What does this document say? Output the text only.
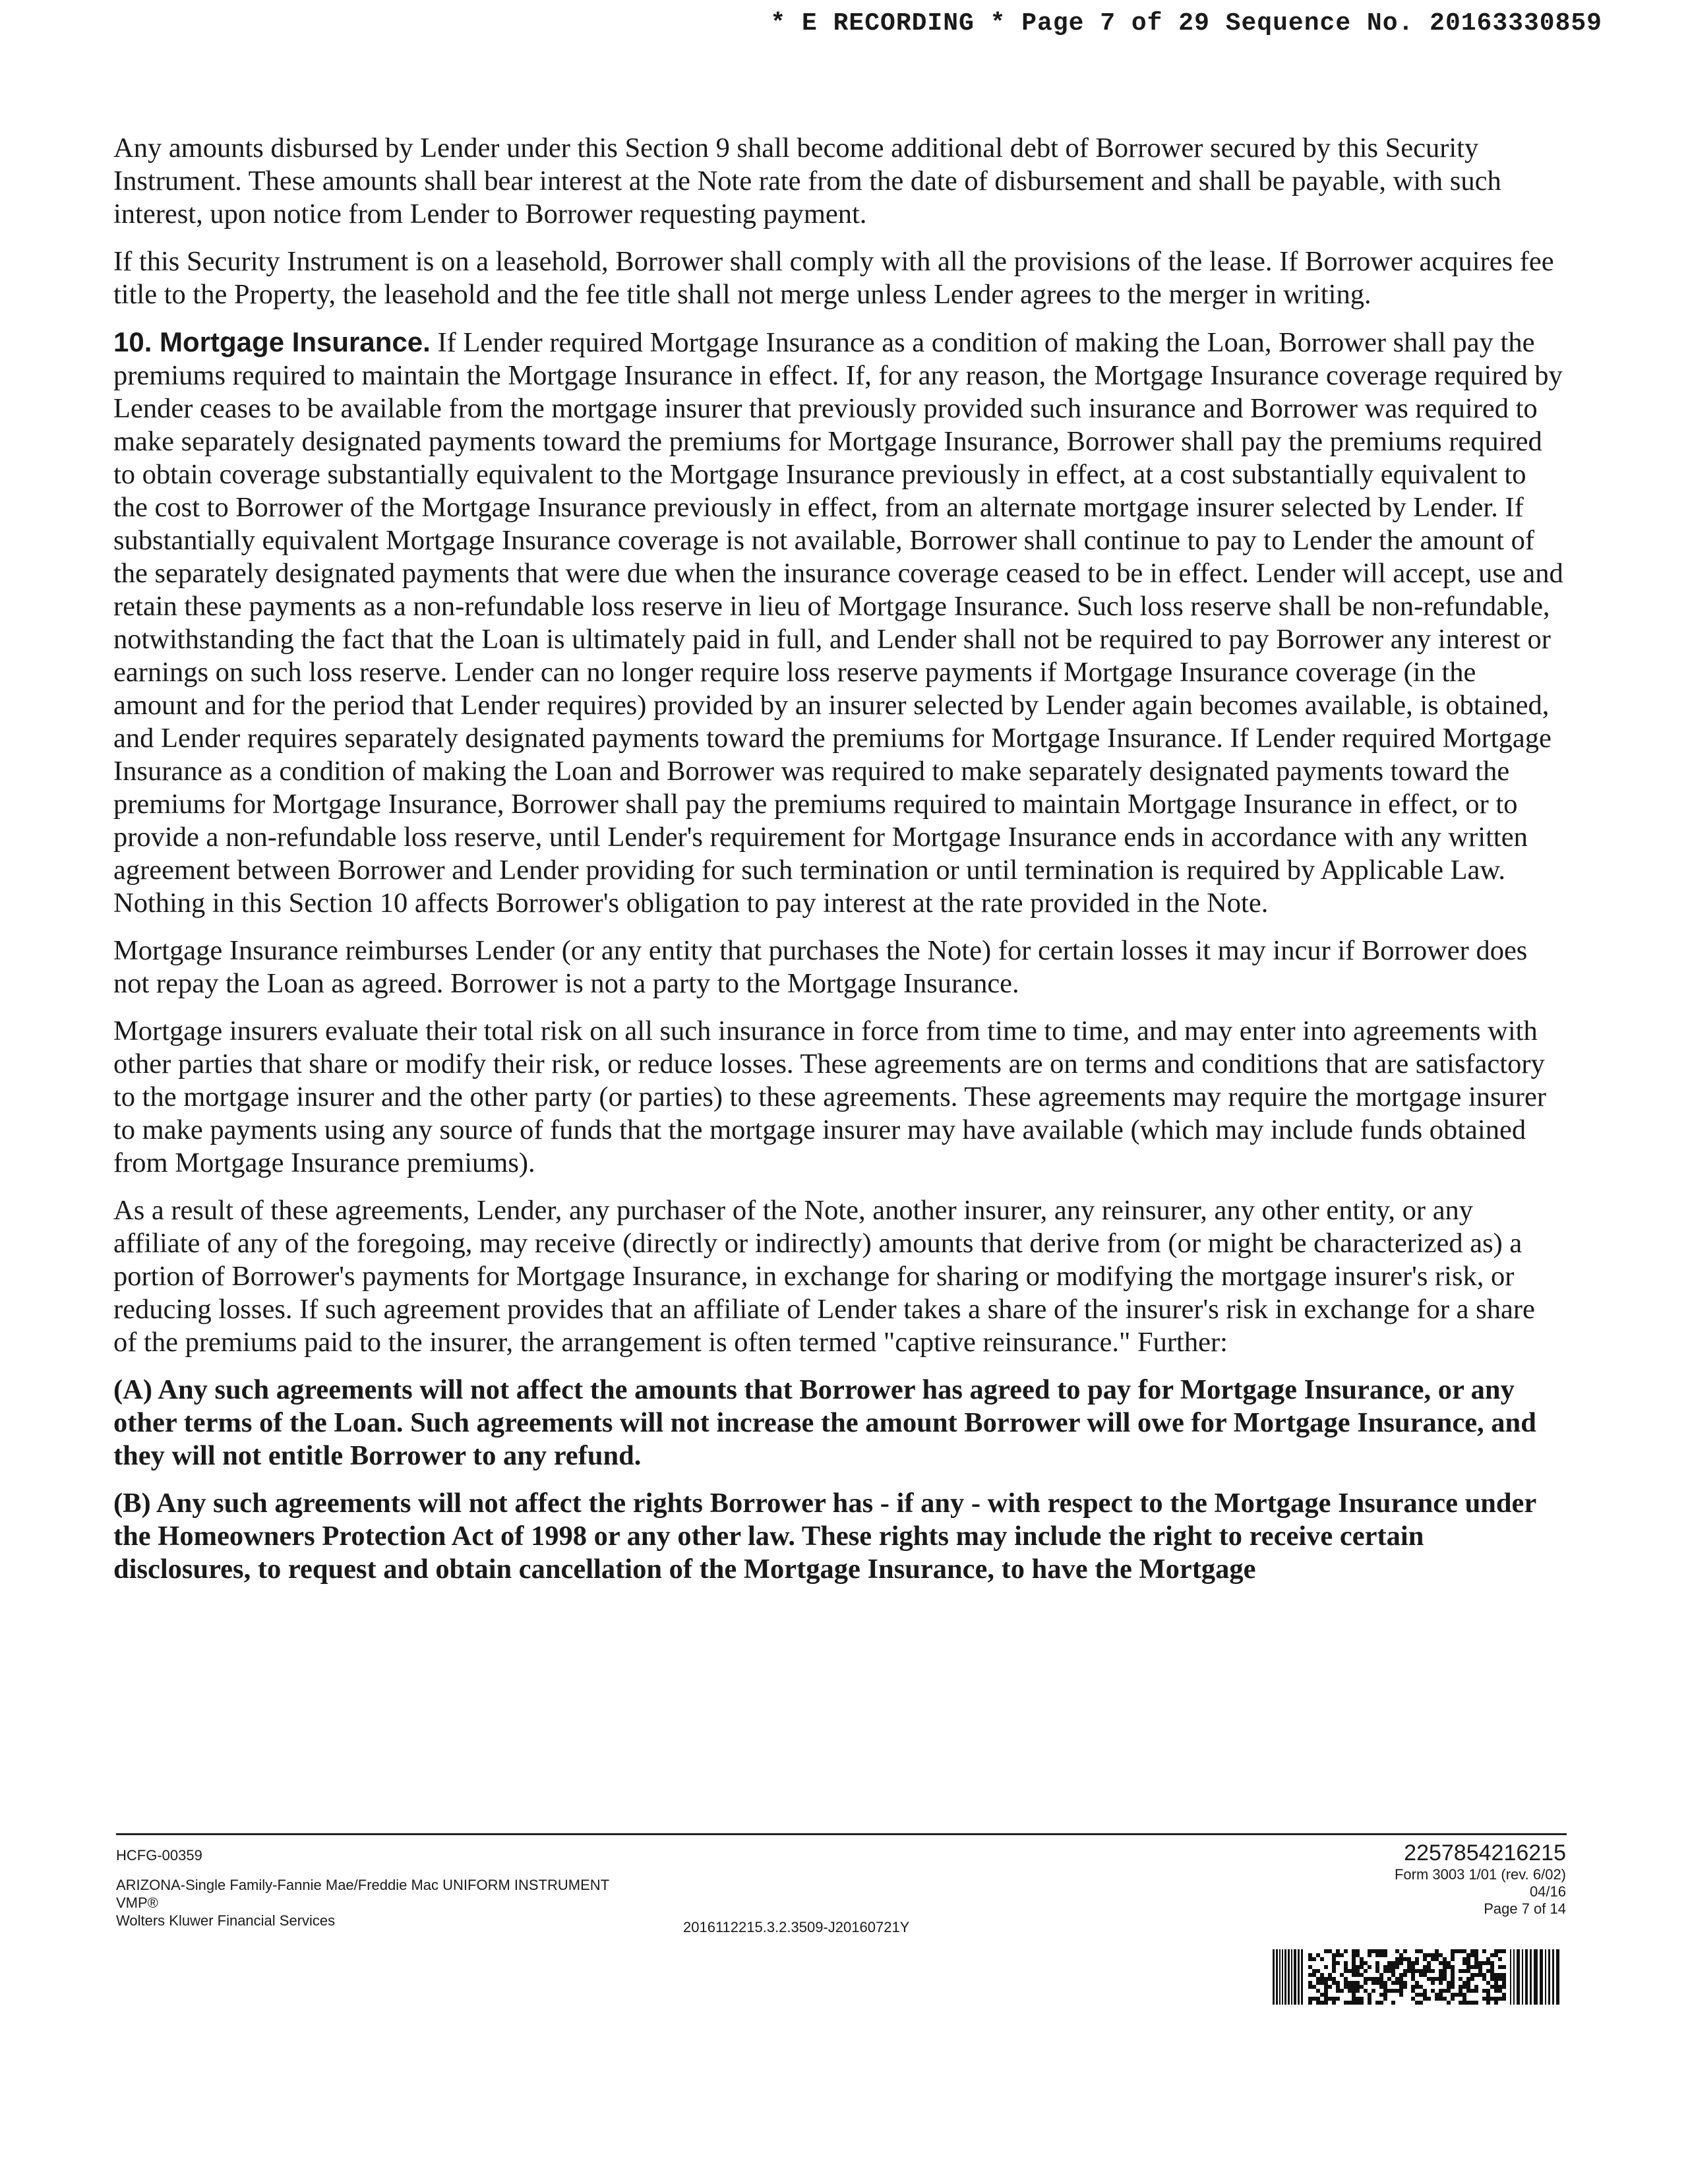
* E RECORDING * Page 7 of 29 Sequence No. 20163330859

Any amounts disbursed by Lender under this Section 9 shall become additional debt of Borrower secured by this Security Instrument. These amounts shall bear interest at the Note rate from the date of disbursement and shall be payable, with such interest, upon notice from Lender to Borrower requesting payment.

If this Security Instrument is on a leasehold, Borrower shall comply with all the provisions of the lease. If Borrower acquires fee title to the Property, the leasehold and the fee title shall not merge unless Lender agrees to the merger in writing.

10. Mortgage Insurance. If Lender required Mortgage Insurance as a condition of making the Loan, Borrower shall pay the premiums required to maintain the Mortgage Insurance in effect. If, for any reason, the Mortgage Insurance coverage required by Lender ceases to be available from the mortgage insurer that previously provided such insurance and Borrower was required to make separately designated payments toward the premiums for Mortgage Insurance, Borrower shall pay the premiums required to obtain coverage substantially equivalent to the Mortgage Insurance previously in effect, at a cost substantially equivalent to the cost to Borrower of the Mortgage Insurance previously in effect, from an alternate mortgage insurer selected by Lender. If substantially equivalent Mortgage Insurance coverage is not available, Borrower shall continue to pay to Lender the amount of the separately designated payments that were due when the insurance coverage ceased to be in effect. Lender will accept, use and retain these payments as a non-refundable loss reserve in lieu of Mortgage Insurance. Such loss reserve shall be non-refundable, notwithstanding the fact that the Loan is ultimately paid in full, and Lender shall not be required to pay Borrower any interest or earnings on such loss reserve. Lender can no longer require loss reserve payments if Mortgage Insurance coverage (in the amount and for the period that Lender requires) provided by an insurer selected by Lender again becomes available, is obtained, and Lender requires separately designated payments toward the premiums for Mortgage Insurance. If Lender required Mortgage Insurance as a condition of making the Loan and Borrower was required to make separately designated payments toward the premiums for Mortgage Insurance, Borrower shall pay the premiums required to maintain Mortgage Insurance in effect, or to provide a non-refundable loss reserve, until Lender's requirement for Mortgage Insurance ends in accordance with any written agreement between Borrower and Lender providing for such termination or until termination is required by Applicable Law. Nothing in this Section 10 affects Borrower's obligation to pay interest at the rate provided in the Note.

Mortgage Insurance reimburses Lender (or any entity that purchases the Note) for certain losses it may incur if Borrower does not repay the Loan as agreed. Borrower is not a party to the Mortgage Insurance.

Mortgage insurers evaluate their total risk on all such insurance in force from time to time, and may enter into agreements with other parties that share or modify their risk, or reduce losses. These agreements are on terms and conditions that are satisfactory to the mortgage insurer and the other party (or parties) to these agreements. These agreements may require the mortgage insurer to make payments using any source of funds that the mortgage insurer may have available (which may include funds obtained from Mortgage Insurance premiums).

As a result of these agreements, Lender, any purchaser of the Note, another insurer, any reinsurer, any other entity, or any affiliate of any of the foregoing, may receive (directly or indirectly) amounts that derive from (or might be characterized as) a portion of Borrower's payments for Mortgage Insurance, in exchange for sharing or modifying the mortgage insurer's risk, or reducing losses. If such agreement provides that an affiliate of Lender takes a share of the insurer's risk in exchange for a share of the premiums paid to the insurer, the arrangement is often termed "captive reinsurance." Further:

(A) Any such agreements will not affect the amounts that Borrower has agreed to pay for Mortgage Insurance, or any other terms of the Loan. Such agreements will not increase the amount Borrower will owe for Mortgage Insurance, and they will not entitle Borrower to any refund.

(B) Any such agreements will not affect the rights Borrower has - if any - with respect to the Mortgage Insurance under the Homeowners Protection Act of 1998 or any other law. These rights may include the right to receive certain disclosures, to request and obtain cancellation of the Mortgage Insurance, to have the Mortgage

HCFG-00359
ARIZONA-Single Family-Fannie Mae/Freddie Mac UNIFORM INSTRUMENT
VMP®
Wolters Kluwer Financial Services	2016112215.3.2.3509-J20160721Y
2257854216215
Form 3003 1/01 (rev. 6/02)
04/16
Page 7 of 14
